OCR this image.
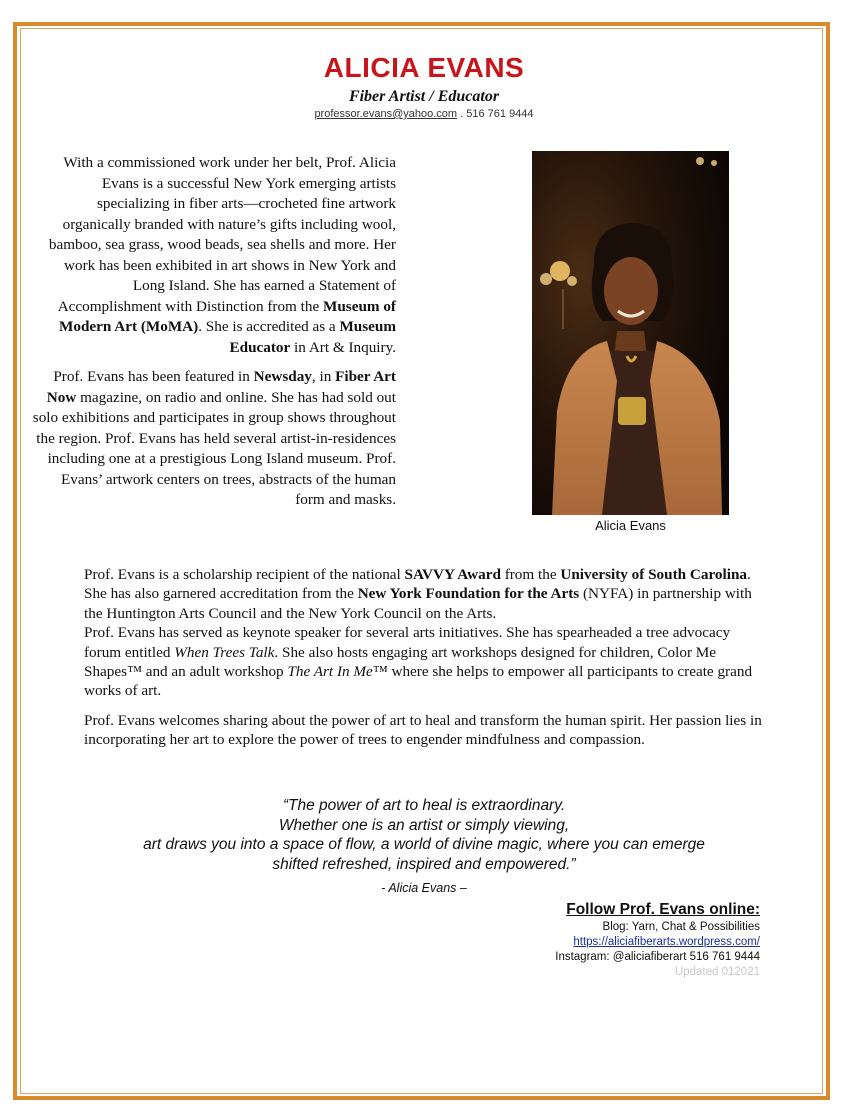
ALICIA EVANS
Fiber Artist / Educator
professor.evans@yahoo.com . 516 761 9444

With a commissioned work under her belt, Prof. Alicia Evans is a successful New York emerging artists specializing in fiber arts—crocheted fine artwork organically branded with nature’s gifts including wool, bamboo, sea grass, wood beads, sea shells and more. Her work has been exhibited in art shows in New York and Long Island. She has earned a Statement of Accomplishment with Distinction from the Museum of Modern Art (MoMA). She is accredited as a Museum Educator in Art & Inquiry.

Prof. Evans has been featured in Newsday, in Fiber Art Now magazine, on radio and online. She has had sold out solo exhibitions and participates in group shows throughout the region. Prof. Evans has held several artist-in-residences including one at a prestigious Long Island museum. Prof. Evans’ artwork centers on trees, abstracts of the human form and masks.

Alicia Evans

Prof. Evans is a scholarship recipient of the national SAVVY Award from the University of South Carolina. She has also garnered accreditation from the New York Foundation for the Arts (NYFA) in partnership with the Huntington Arts Council and the New York Council on the Arts.

Prof. Evans has served as keynote speaker for several arts initiatives. She has spearheaded a tree advocacy forum entitled When Trees Talk. She also hosts engaging art workshops designed for children, Color Me Shapes™ and an adult workshop The Art In Me™ where she helps to empower all participants to create grand works of art.

Prof. Evans welcomes sharing about the power of art to heal and transform the human spirit. Her passion lies in incorporating her art to explore the power of trees to engender mindfulness and compassion.

“The power of art to heal is extraordinary.
Whether one is an artist or simply viewing,
art draws you into a space of flow, a world of divine magic, where you can emerge
shifted refreshed, inspired and empowered.”
- Alicia Evans –
Follow Prof. Evans online:
Blog: Yarn, Chat & Possibilities
https://aliciafiberarts.wordpress.com/
Instagram: @aliciafiberart 516 761 9444
Updated 012021
